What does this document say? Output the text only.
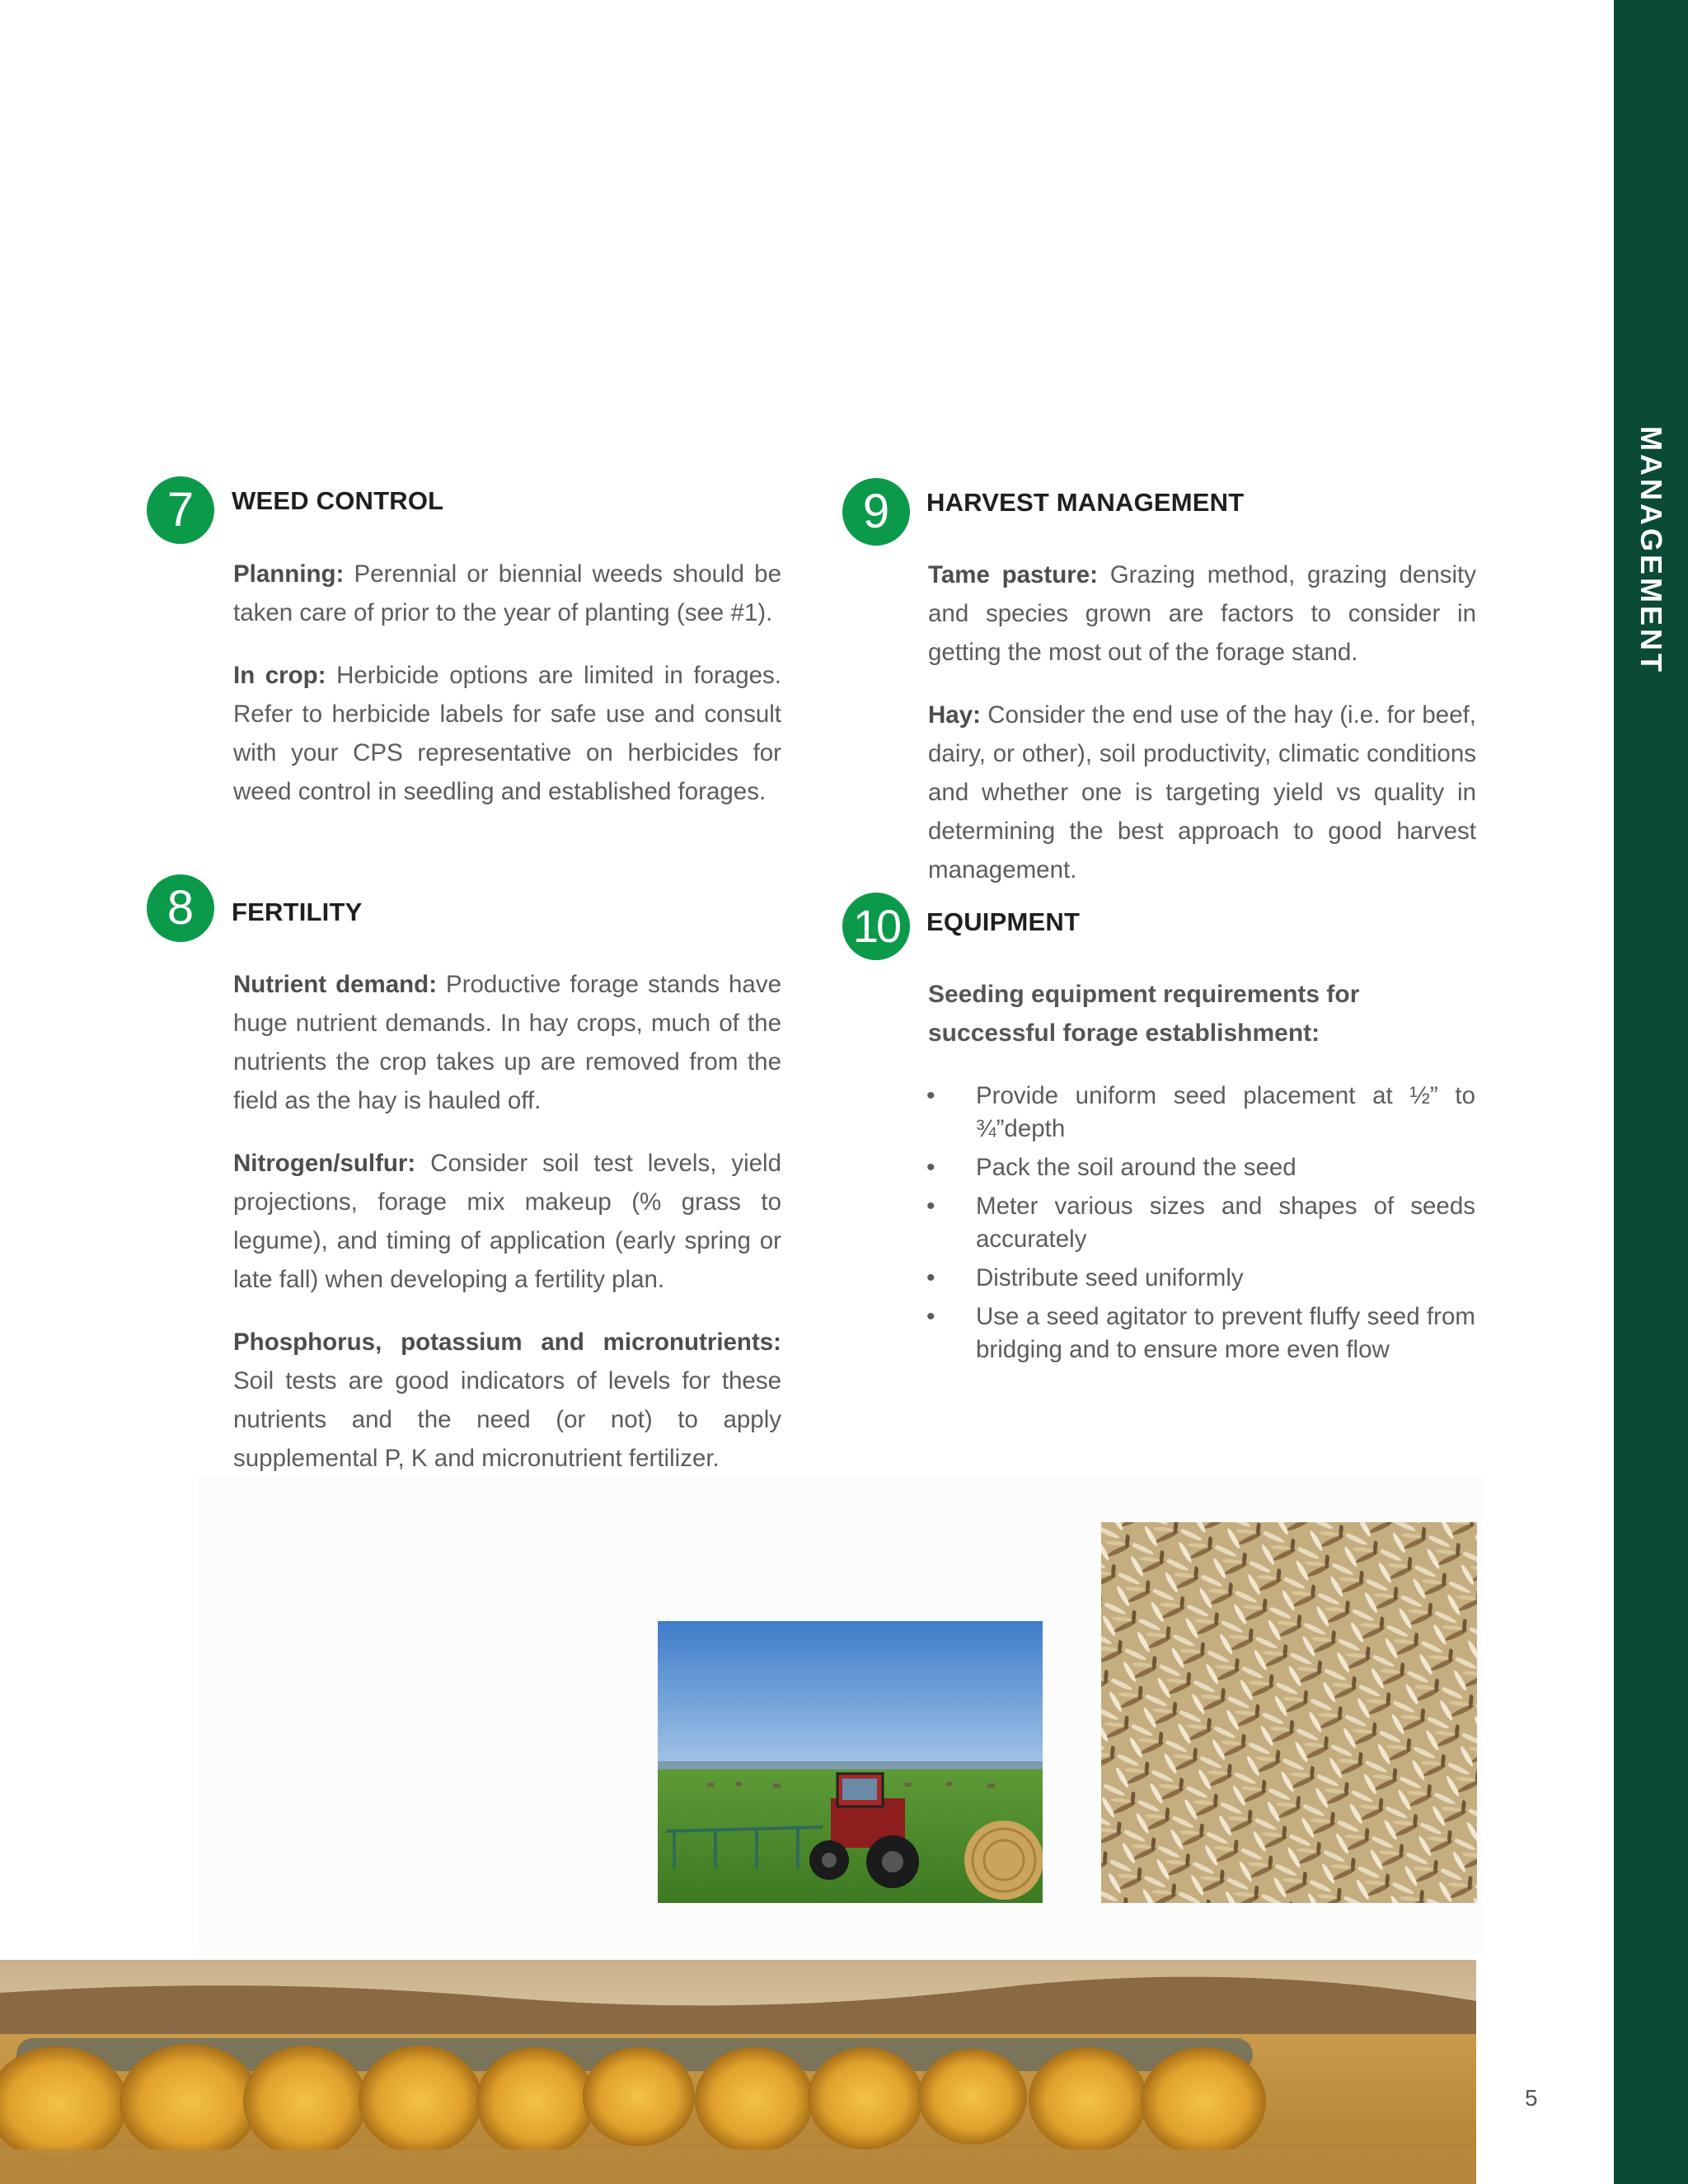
MANAGEMENT
7	WEED CONTROL
Planning: Perennial or biennial weeds should be taken care of prior to the year of planting (see #1).
In crop: Herbicide options are limited in forages. Refer to herbicide labels for safe use and consult with your CPS representative on herbicides for weed control in seedling and established forages.
8	FERTILITY
Nutrient demand: Productive forage stands have huge nutrient demands. In hay crops, much of the nutrients the crop takes up are removed from the field as the hay is hauled off.
Nitrogen/sulfur: Consider soil test levels, yield projections, forage mix makeup (% grass to legume), and timing of application (early spring or late fall) when developing a fertility plan.
Phosphorus, potassium and micronutrients: Soil tests are good indicators of levels for these nutrients and the need (or not) to apply supplemental P, K and micronutrient fertilizer.
9	HARVEST MANAGEMENT
Tame pasture: Grazing method, grazing density and species grown are factors to consider in getting the most out of the forage stand.
Hay: Consider the end use of the hay (i.e. for beef, dairy, or other), soil productivity, climatic conditions and whether one is targeting yield vs quality in determining the best approach to good harvest management.
10	EQUIPMENT
Seeding equipment requirements for successful forage establishment:
• Provide uniform seed placement at ½” to ¾”depth
• Pack the soil around the seed
• Meter various sizes and shapes of seeds accurately
• Distribute seed uniformly
• Use a seed agitator to prevent fluffy seed from bridging and to ensure more even flow
5
